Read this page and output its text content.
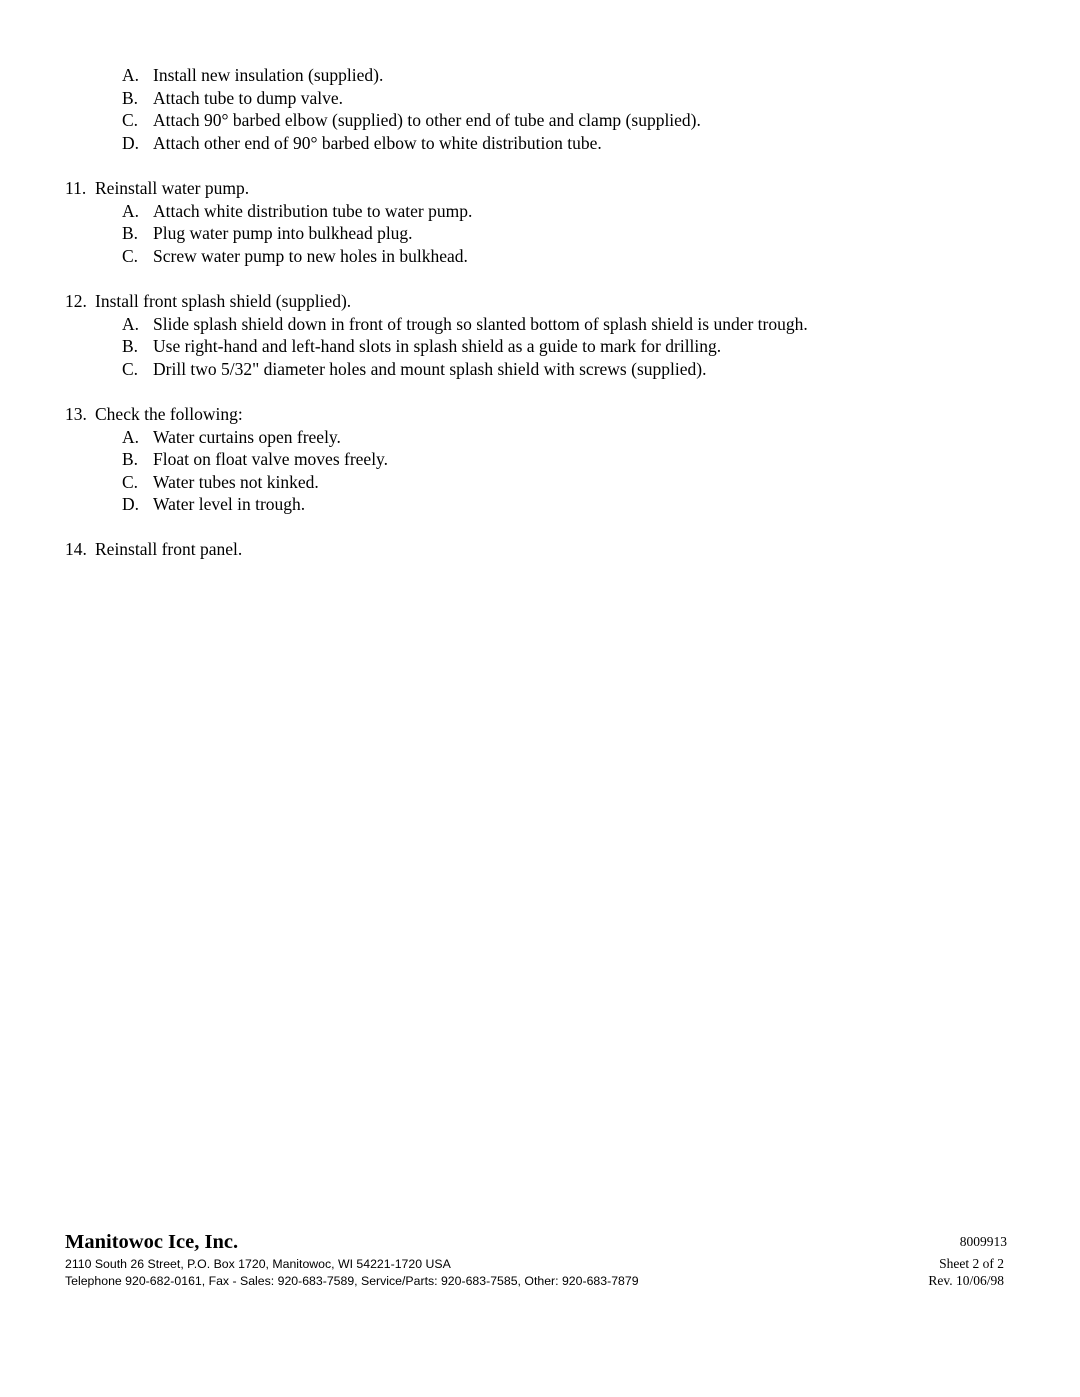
A. Install new insulation (supplied).
B. Attach tube to dump valve.
C. Attach 90° barbed elbow (supplied) to other end of tube and clamp (supplied).
D. Attach other end of 90° barbed elbow to white distribution tube.
11. Reinstall water pump.
A. Attach white distribution tube to water pump.
B. Plug water pump into bulkhead plug.
C. Screw water pump to new holes in bulkhead.
12. Install front splash shield (supplied).
A. Slide splash shield down in front of trough so slanted bottom of splash shield is under trough.
B. Use right-hand and left-hand slots in splash shield as a guide to mark for drilling.
C. Drill two 5/32" diameter holes and mount splash shield with screws (supplied).
13. Check the following:
A. Water curtains open freely.
B. Float on float valve moves freely.
C. Water tubes not kinked.
D. Water level in trough.
14. Reinstall front panel.
Manitowoc Ice, Inc.	8009913
2110 South 26 Street, P.O. Box 1720, Manitowoc, WI 54221-1720 USA	Sheet 2 of 2
Telephone 920-682-0161, Fax - Sales: 920-683-7589, Service/Parts: 920-683-7585, Other: 920-683-7879	Rev. 10/06/98
